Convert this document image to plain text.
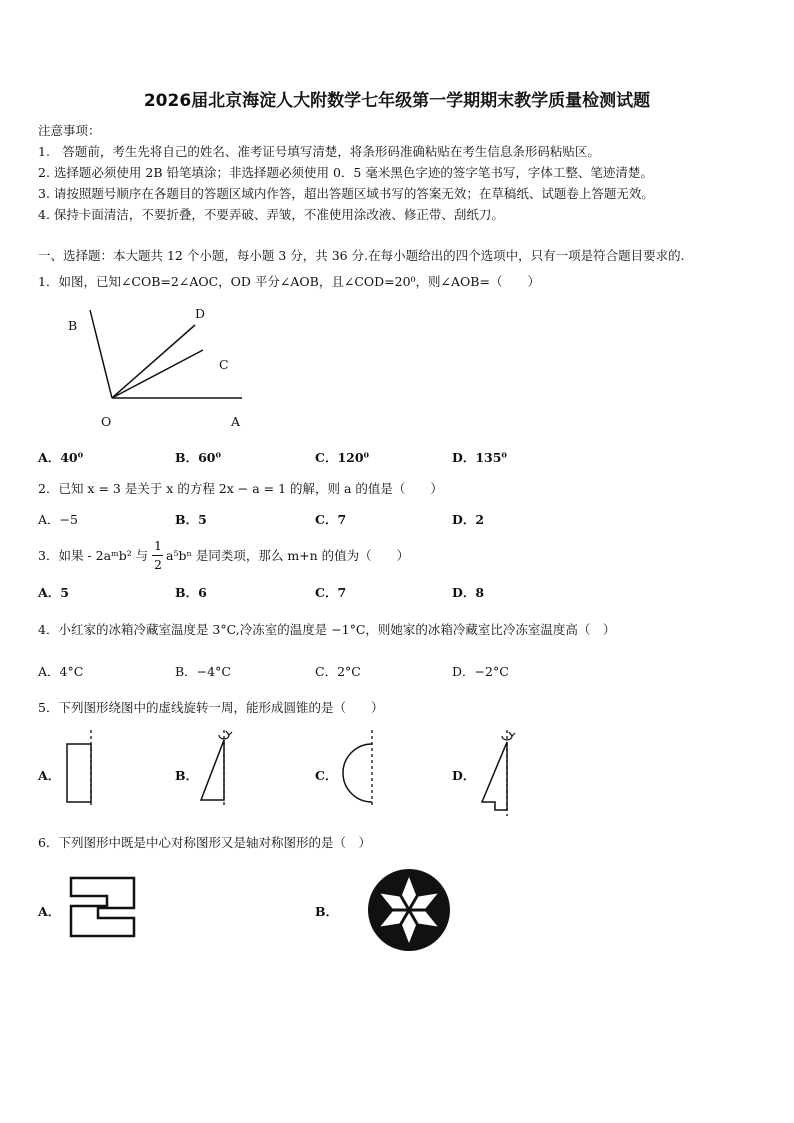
2026届北京海淀人大附数学七年级第一学期期末教学质量检测试题
注意事项：
1.　答题前，考生先将自己的姓名、准考证号填写清楚，将条形码准确粘贴在考生信息条形码粘贴区。
2. 选择题必须使用 2B 铅笔填涂；非选择题必须使用 0．5 毫米黑色字迹的签字笔书写，字体工整、笔迹清楚。
3. 请按照题号顺序在各题目的答题区域内作答，超出答题区域书写的答案无效；在草稿纸、试题卷上答题无效。
4. 保持卡面清洁，不要折叠，不要弄破、弄皱，不准使用涂改液、修正带、刮纸刀。
一、选择题：本大题共 12 个小题，每小题 3 分，共 36 分.在每小题给出的四个选项中，只有一项是符合题目要求的.
1．如图，已知∠COB=2∠AOC，OD 平分∠AOB，且∠COD=20⁰，则∠AOB=（　　）
B
D
C
O	A
A．40⁰	B．60⁰	C．120⁰	D．135⁰
2．已知 x = 3 是关于 x 的方程 2x − a = 1 的解，则 a 的值是（　　）
A．−5	B．5	C．7	D．2
3．如果 - 2aᵐb² 与
1
2
a⁵bⁿ 是同类项，那么 m+n 的值为（　　）
A．5	B．6	C．7	D．8
4．小红家的冰箱冷藏室温度是 3°C,冷冻室的温度是 −1°C，则她家的冰箱冷藏室比冷冻室温度高（　）
A．4°C	B．−4°C	C．2°C	D．−2°C
5．下列图形绕图中的虚线旋转一周，能形成圆锥的是（　　）
A．	B．	C．	D．
6．下列图形中既是中心对称图形又是轴对称图形的是（　）
A．	B．
